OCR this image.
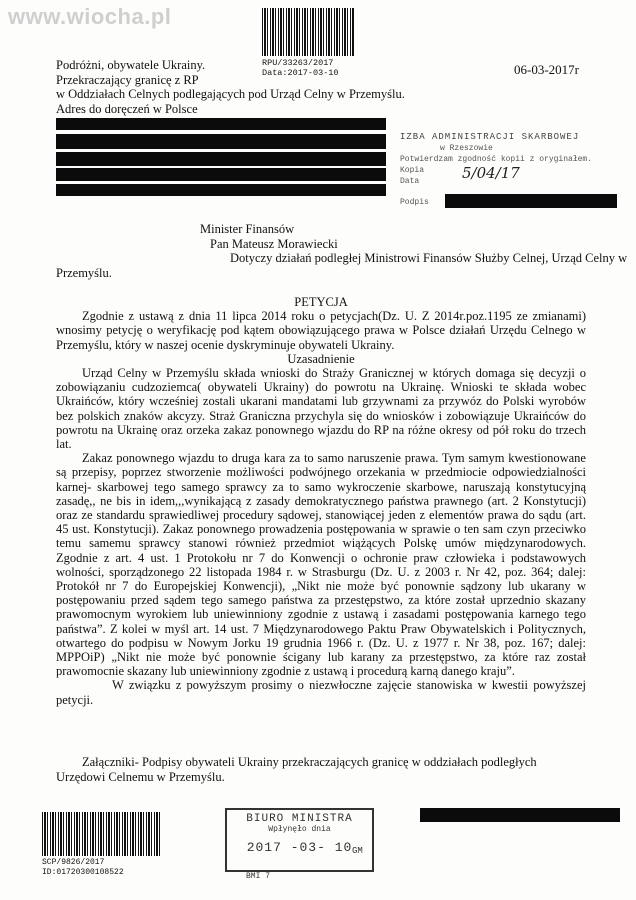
www.wiocha.pl
Podróżni, obywatele Ukrainy.
Przekraczający granicę z RP
w Oddziałach Celnych podlegających pod Urząd Celny w Przemyślu.
Adres do doręczeń w Polsce
RPU/33263/2017
Data:2017-03-10	06-03-2017r
IZBA ADMINISTRACJI SKARBOWEJ
w Rzeszowie
Potwierdzam zgodność kopii z oryginałem. Kopia
Data	5/04/17
Podpis
Minister Finansów
Pan Mateusz Morawiecki
Dotyczy działań podległej Ministrowi Finansów Służby Celnej, Urząd Celny w
Przemyślu.

PETYCJA

Zgodnie z ustawą z dnia 11 lipca 2014 roku o petycjach(Dz. U. Z 2014r.poz.1195 ze zmianami) wnosimy petycję o weryfikację pod kątem obowiązującego prawa w Polsce działań Urzędu Celnego w Przemyślu, który w naszej ocenie dyskryminuje obywateli Ukrainy.

Uzasadnienie

Urząd Celny w Przemyślu składa wnioski do Straży Granicznej w których domaga się decyzji o zobowiązaniu cudzoziemca( obywateli Ukrainy) do powrotu na Ukrainę. Wnioski te składa wobec Ukraińców, który wcześniej zostali ukarani mandatami lub grzywnami za przywóz do Polski wyrobów bez polskich znaków akcyzy. Straż Graniczna przychyla się do wniosków i zobowiązuje Ukraińców do powrotu na Ukrainę oraz orzeka zakaz ponownego wjazdu do RP na różne okresy od pół roku do trzech lat.

Zakaz ponownego wjazdu to druga kara za to samo naruszenie prawa. Tym samym kwestionowane są przepisy, poprzez stworzenie możliwości podwójnego orzekania w przedmiocie odpowiedzialności karnej- skarbowej tego samego sprawcy za to samo wykroczenie skarbowe, naruszają konstytucyjną zasadę,, ne bis in idem,,,wynikającą z zasady demokratycznego państwa prawnego (art. 2 Konstytucji) oraz ze standardu sprawiedliwej procedury sądowej, stanowiącej jeden z elementów prawa do sądu (art. 45 ust. Konstytucji). Zakaz ponownego prowadzenia postępowania w sprawie o ten sam czyn przeciwko temu samemu sprawcy stanowi również przedmiot wiążących Polskę umów międzynarodowych. Zgodnie z art. 4 ust. 1 Protokołu nr 7 do Konwencji o ochronie praw człowieka i podstawowych wolności, sporządzonego 22 listopada 1984 r. w Strasburgu (Dz. U. z 2003 r. Nr 42, poz. 364; dalej: Protokół nr 7 do Europejskiej Konwencji), „Nikt nie może być ponownie sądzony lub ukarany w postępowaniu przed sądem tego samego państwa za przestępstwo, za które został uprzednio skazany prawomocnym wyrokiem lub uniewinniony zgodnie z ustawą i zasadami postępowania karnego tego państwa”. Z kolei w myśl art. 14 ust. 7 Międzynarodowego Paktu Praw Obywatelskich i Politycznych, otwartego do podpisu w Nowym Jorku 19 grudnia 1966 r. (Dz. U. z 1977 r. Nr 38, poz. 167; dalej: MPPOiP) „Nikt nie może być ponownie ścigany lub karany za przestępstwo, za które raz został prawomocnie skazany lub uniewinniony zgodnie z ustawą i procedurą karną danego kraju”.

W związku z powyższym prosimy o niezwłoczne zajęcie stanowiska w kwestii powyższej petycji.

Załączniki- Podpisy obywateli Ukrainy przekraczających granicę w oddziałach podległych Urzędowi Celnemu w Przemyślu.
SCP/9826/2017
ID:01720300108522
BIURO MINISTRA
Wpłynęło dnia
2017 -03- 10 GM
BMI 7
